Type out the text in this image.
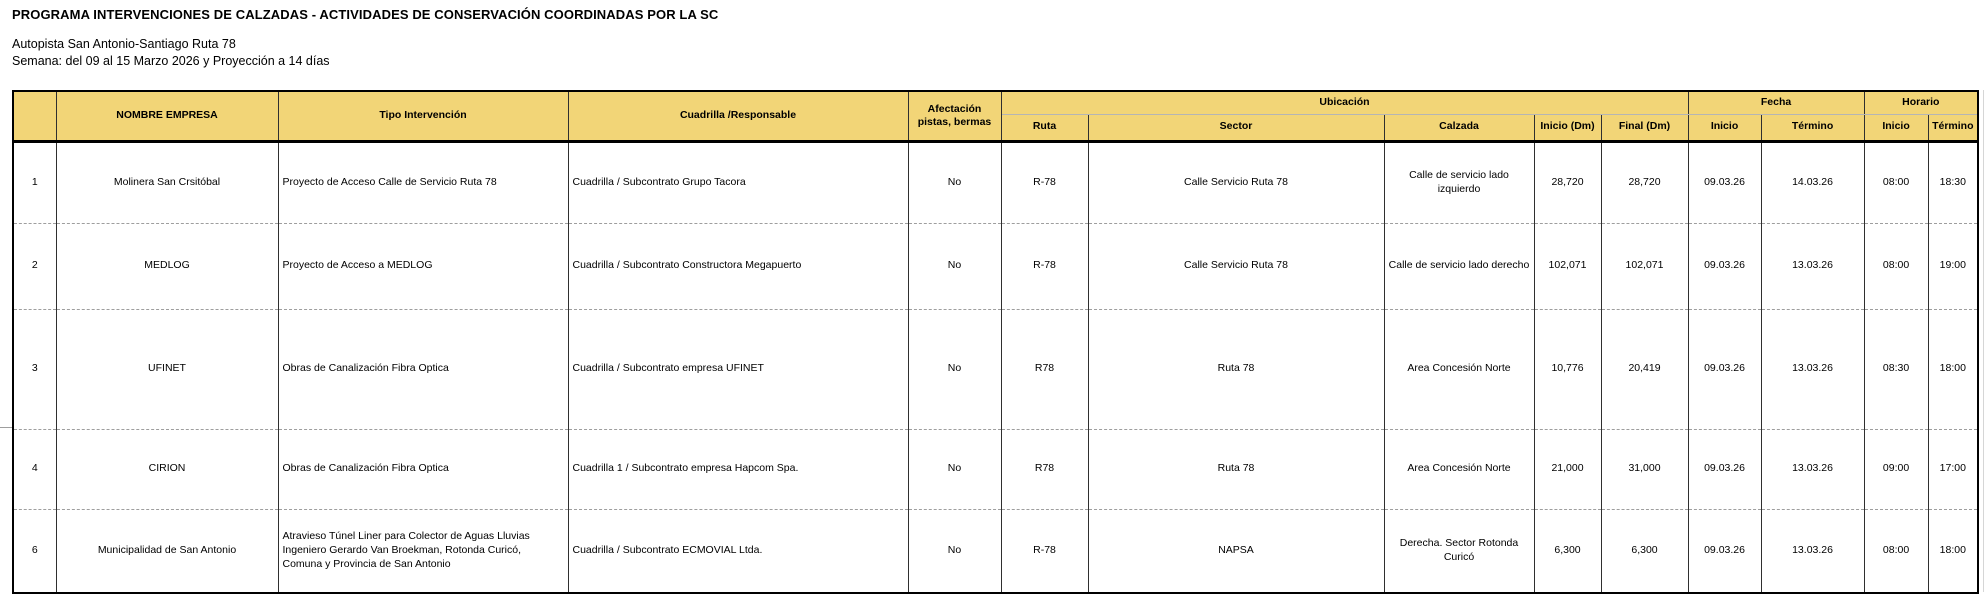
PROGRAMA INTERVENCIONES DE CALZADAS - ACTIVIDADES DE CONSERVACIÓN COORDINADAS POR LA SC
Autopista San Antonio-Santiago Ruta 78
Semana: del 09 al 15 Marzo 2026 y Proyección a 14 días
	NOMBRE EMPRESA	Tipo Intervención	Cuadrilla /Responsable	Afectación pistas, bermas	Ubicación					Fecha		Horario	
					Ruta	Sector	Calzada	Inicio (Dm)	Final (Dm)	Inicio	Término	Inicio	Término
1	Molinera San Crsitóbal	Proyecto de Acceso Calle de Servicio Ruta 78	Cuadrilla / Subcontrato Grupo Tacora	No	R-78	Calle Servicio Ruta 78	Calle de servicio lado izquierdo	28,720	28,720	09.03.26	14.03.26	08:00	18:30
2	MEDLOG	Proyecto de Acceso a MEDLOG	Cuadrilla / Subcontrato Constructora Megapuerto	No	R-78	Calle Servicio Ruta 78	Calle de servicio lado derecho	102,071	102,071	09.03.26	13.03.26	08:00	19:00
3	UFINET	Obras de Canalización Fibra Optica	Cuadrilla / Subcontrato empresa UFINET	No	R78	Ruta 78	Area Concesión Norte	10,776	20,419	09.03.26	13.03.26	08:30	18:00
4	CIRION	Obras de Canalización Fibra Optica	Cuadrilla 1 / Subcontrato empresa Hapcom Spa.	No	R78	Ruta 78	Area Concesión Norte	21,000	31,000	09.03.26	13.03.26	09:00	17:00
6	Municipalidad de San Antonio	Atravieso Túnel Liner para Colector de Aguas Lluvias Ingeniero Gerardo Van Broekman, Rotonda Curicó, Comuna y Provincia de San Antonio	Cuadrilla / Subcontrato ECMOVIAL Ltda.	No	R-78	NAPSA	Derecha. Sector Rotonda Curicó	6,300	6,300	09.03.26	13.03.26	08:00	18:00
